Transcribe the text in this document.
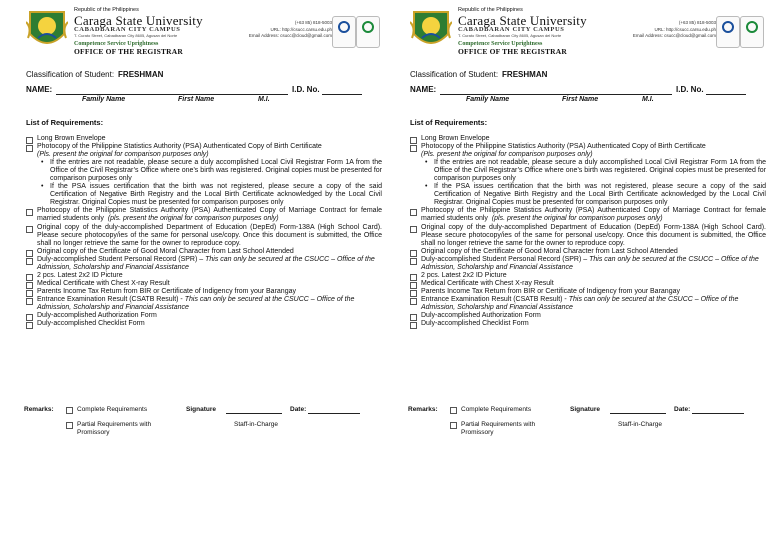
Republic of the Philippines
Caraga State University
CABADBARAN CITY CAMPUS
T. Curato Street, Cabadbaran City 8605, Agusan del Norte
Competence Service Uprightness
OFFICE OF THE REGISTRAR
(+63 85) 818-5003
URL: http://csucc.carsu.edu.ph
Email Address: csucc@cloud@gmail.com
Classification of Student: FRESHMAN
NAME:	I.D. No.
Family Name	First Name	M.I.
List of Requirements:
Long Brown Envelope
Photocopy of the Philippine Statistics Authority (PSA) Authenticated Copy of Birth Certificate
(Pls. present the original for comparison purposes only)
• If the entries are not readable, please secure a duly accomplished Local Civil Registrar Form 1A from the Office of the Civil Registrar’s Office where one’s birth was registered. Original copies must be presented for comparison purposes only
• If the PSA issues certification that the birth was not registered, please secure a copy of the said Certification of Negative Birth Registry and the Local Birth Certificate acknowledged by the Local Civil Registrar. Original Copies must be presented for comparison purposes only
Photocopy of the Philippine Statistics Authority (PSA) Authenticated Copy of Marriage Contract for female married students only (pls. present the original for comparison purposes only)
Original copy of the duly-accomplished Department of Education (DepEd) Form-138A (High School Card). Please secure photocopy/ies of the same for personal use/copy. Once this document is submitted, the Office shall no longer retrieve the same for the owner to reproduce copy.
Original copy of the Certificate of Good Moral Character from Last School Attended
Duly-accomplished Student Personal Record (SPR) – This can only be secured at the CSUCC – Office of the Admission, Scholarship and Financial Assistance
2 pcs. Latest 2x2 ID Picture
Medical Certificate with Chest X-ray Result
Parents Income Tax Return from BIR or Certificate of Indigency from your Barangay
Entrance Examination Result (CSATB Result) - This can only be secured at the CSUCC – Office of the Admission, Scholarship and Financial Assistance
Duly-accomplished Authorization Form
Duly-accomplished Checklist Form
Remarks:	Complete Requirements
Partial Requirements with Promissory
Signature	Date:
Staff-in-Charge
Republic of the Philippines
Caraga State University
CABADBARAN CITY CAMPUS
T. Curato Street, Cabadbaran City 8605, Agusan del Norte
Competence Service Uprightness
OFFICE OF THE REGISTRAR
(+63 85) 818-5003
URL: http://csucc.carsu.edu.ph
Email Address: csucc@cloud@gmail.com
Classification of Student: FRESHMAN
NAME:	I.D. No.
Family Name	First Name	M.I.
List of Requirements:
Long Brown Envelope
Photocopy of the Philippine Statistics Authority (PSA) Authenticated Copy of Birth Certificate
(Pls. present the original for comparison purposes only)
• If the entries are not readable, please secure a duly accomplished Local Civil Registrar Form 1A from the Office of the Civil Registrar’s Office where one’s birth was registered. Original copies must be presented for comparison purposes only
• If the PSA issues certification that the birth was not registered, please secure a copy of the said Certification of Negative Birth Registry and the Local Birth Certificate acknowledged by the Local Civil Registrar. Original Copies must be presented for comparison purposes only
Photocopy of the Philippine Statistics Authority (PSA) Authenticated Copy of Marriage Contract for female married students only (pls. present the original for comparison purposes only)
Original copy of the duly-accomplished Department of Education (DepEd) Form-138A (High School Card). Please secure photocopy/ies of the same for personal use/copy. Once this document is submitted, the Office shall no longer retrieve the same for the owner to reproduce copy.
Original copy of the Certificate of Good Moral Character from Last School Attended
Duly-accomplished Student Personal Record (SPR) – This can only be secured at the CSUCC – Office of the Admission, Scholarship and Financial Assistance
2 pcs. Latest 2x2 ID Picture
Medical Certificate with Chest X-ray Result
Parents Income Tax Return from BIR or Certificate of Indigency from your Barangay
Entrance Examination Result (CSATB Result) - This can only be secured at the CSUCC – Office of the Admission, Scholarship and Financial Assistance
Duly-accomplished Authorization Form
Duly-accomplished Checklist Form
Remarks:	Complete Requirements
Partial Requirements with Promissory
Signature	Date:
Staff-in-Charge
